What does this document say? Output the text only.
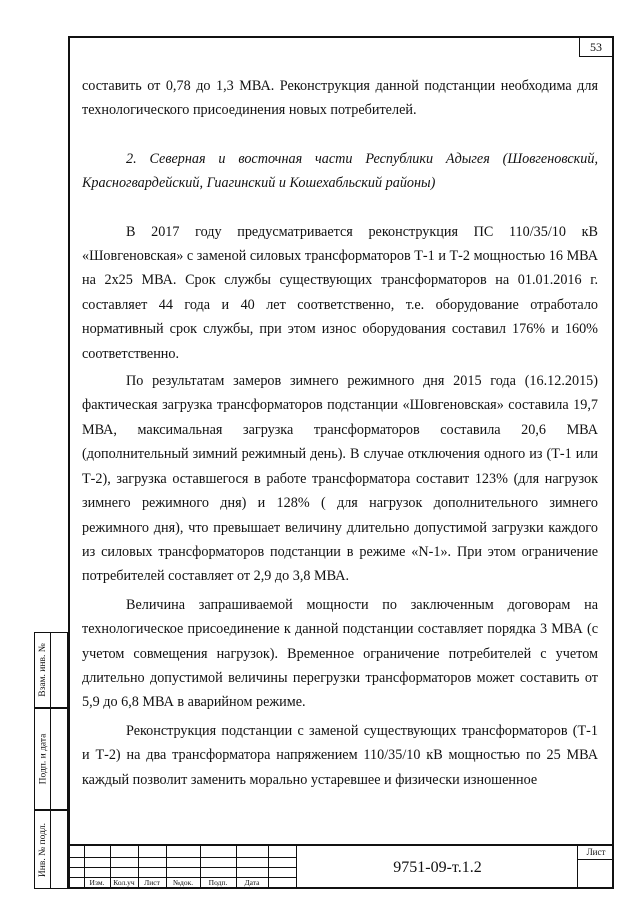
53

составить от 0,78 до 1,3 МВА. Реконструкция данной подстанции необходима для технологического присоединения новых потребителей.

2. Северная и восточная части Республики Адыгея (Шовгеновский, Красногвардейский, Гиагинский и Кошехабльский районы)

В 2017 году предусматривается реконструкция ПС 110/35/10 кВ «Шовгеновская» с заменой силовых трансформаторов Т-1 и Т-2 мощностью 16 МВА на 2х25 МВА. Срок службы существующих трансформаторов на 01.01.2016 г. составляет 44 года и 40 лет соответственно, т.е. оборудование отработало нормативный срок службы, при этом износ оборудования составил 176% и 160% соответственно.

По результатам замеров зимнего режимного дня 2015 года (16.12.2015) фактическая загрузка трансформаторов подстанции «Шовгеновская» составила 19,7 МВА, максимальная загрузка трансформаторов составила 20,6 МВА (дополнительный зимний режимный день). В случае отключения одного из (Т-1 или Т-2), загрузка оставшегося в работе трансформатора составит 123% (для нагрузок зимнего режимного дня) и 128% ( для нагрузок дополнительного зимнего режимного дня), что превышает величину длительно допустимой загрузки каждого из силовых трансформаторов подстанции в режиме «N-1». При этом ограничение потребителей составляет от 2,9 до 3,8 МВА.

Величина запрашиваемой мощности по заключенным договорам на технологическое присоединение к данной подстанции составляет порядка 3 МВА (с учетом совмещения нагрузок). Временное ограничение потребителей с учетом длительно допустимой величины перегрузки трансформаторов может составить от 5,9 до 6,8 МВА в аварийном режиме.

Реконструкция подстанции с заменой существующих трансформаторов (Т-1 и Т-2) на два трансформатора напряжением 110/35/10 кВ мощностью по 25 МВА каждый позволит заменить морально устаревшее и физически изношенное

Взам. инв. №
Подп. и дата
Инв. № подл.
Изм.	Кол.уч	Лист	№док.	Подп.	Дата
9751-09-т.1.2
Лист
